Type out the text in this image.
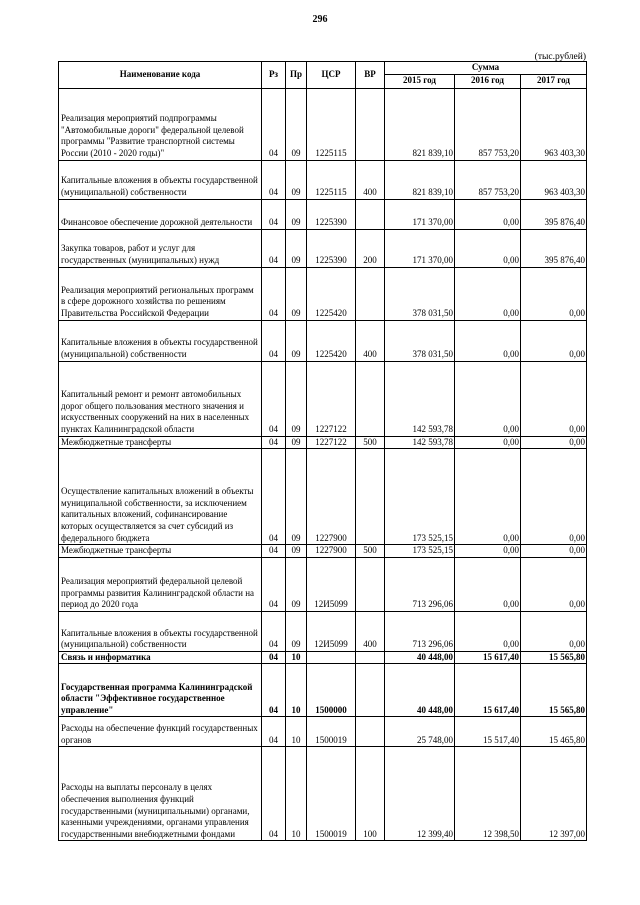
296
(тыс.рублей)
Наименование кода	Рз	Пр	ЦСР	ВР	Сумма		
					2015 год	2016 год	2017 год
Реализация мероприятий подпрограммы "Автомобильные дороги" федеральной целевой программы "Развитие транспортной системы России (2010 - 2020 годы)"	04	09	1225115		821 839,10	857 753,20	963 403,30
Капитальные вложения в объекты государственной (муниципальной) собственности	04	09	1225115	400	821 839,10	857 753,20	963 403,30
Финансовое обеспечение дорожной деятельности	04	09	1225390		171 370,00	0,00	395 876,40
Закупка товаров, работ и услуг для государственных (муниципальных) нужд	04	09	1225390	200	171 370,00	0,00	395 876,40
Реализация мероприятий региональных программ в сфере дорожного хозяйства по решениям Правительства Российской Федерации	04	09	1225420		378 031,50	0,00	0,00
Капитальные вложения в объекты государственной (муниципальной) собственности	04	09	1225420	400	378 031,50	0,00	0,00
Капитальный ремонт и ремонт автомобильных дорог общего пользования местного значения и искусственных сооружений на них в населенных пунктах Калининградской области	04	09	1227122		142 593,78	0,00	0,00
Межбюджетные трансферты	04	09	1227122	500	142 593,78	0,00	0,00
Осуществление капитальных вложений в объекты муниципальной собственности, за исключением капитальных вложений, софинансирование которых осуществляется за счет субсидий из федерального бюджета	04	09	1227900		173 525,15	0,00	0,00
Межбюджетные трансферты	04	09	1227900	500	173 525,15	0,00	0,00
Реализация мероприятий федеральной целевой программы развития Калининградской области на период до 2020 года	04	09	12И5099		713 296,06	0,00	0,00
Капитальные вложения в объекты государственной (муниципальной) собственности	04	09	12И5099	400	713 296,06	0,00	0,00
Связь и информатика	04	10			40 448,00	15 617,40	15 565,80
Государственная программа Калининградской области "Эффективное государственное управление"	04	10	1500000		40 448,00	15 617,40	15 565,80
Расходы на обеспечение функций государственных органов	04	10	1500019		25 748,00	15 517,40	15 465,80
Расходы на выплаты персоналу в целях обеспечения выполнения функций государственными (муниципальными) органами, казенными учреждениями, органами управления государственными внебюджетными фондами	04	10	1500019	100	12 399,40	12 398,50	12 397,00
